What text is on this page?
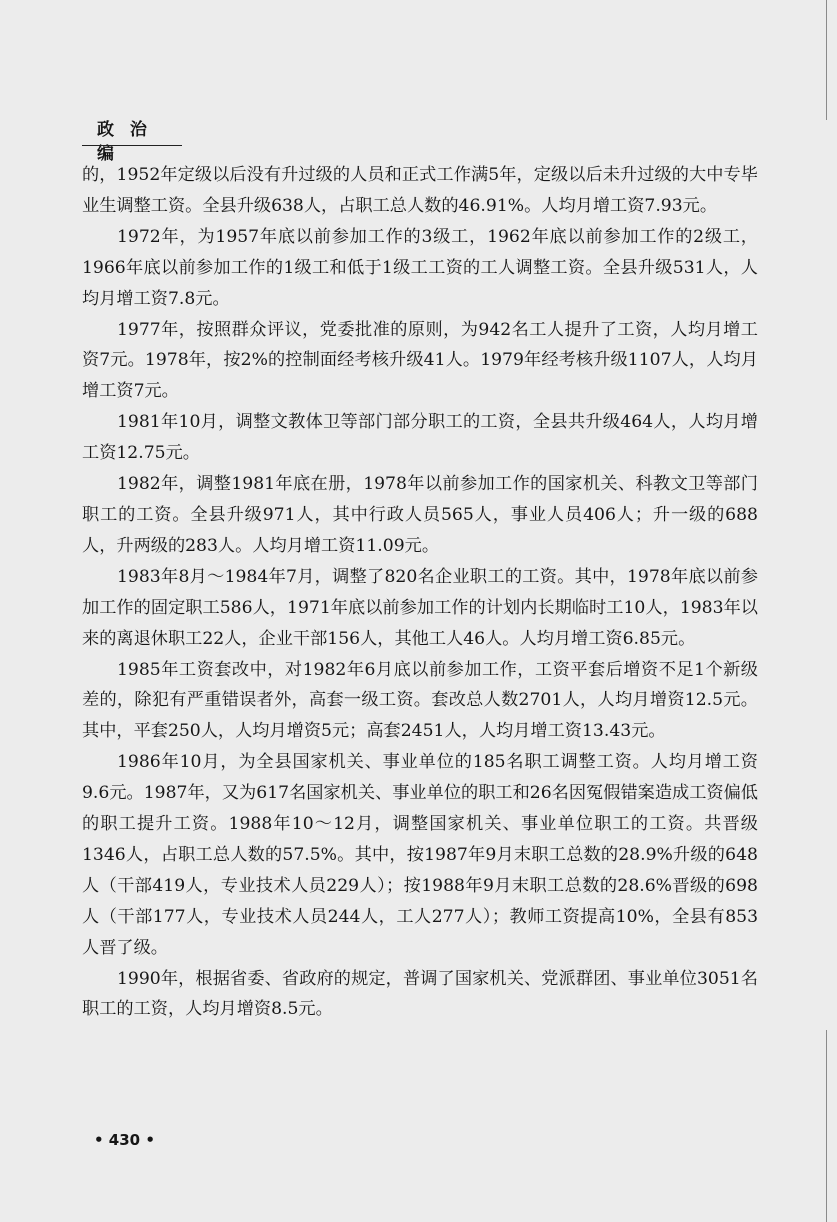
政 治 编

的，1952年定级以后没有升过级的人员和正式工作满5年，定级以后未升过级的大中专毕业生调整工资。全县升级638人，占职工总人数的46.91%。人均月增工资7.93元。

1972年，为1957年底以前参加工作的3级工，1962年底以前参加工作的2级工，1966年底以前参加工作的1级工和低于1级工工资的工人调整工资。全县升级531人，人均月增工资7.8元。

1977年，按照群众评议，党委批准的原则，为942名工人提升了工资，人均月增工资7元。1978年，按2%的控制面经考核升级41人。1979年经考核升级1107人，人均月增工资7元。

1981年10月，调整文教体卫等部门部分职工的工资，全县共升级464人，人均月增工资12.75元。

1982年，调整1981年底在册，1978年以前参加工作的国家机关、科教文卫等部门职工的工资。全县升级971人，其中行政人员565人，事业人员406人；升一级的688人，升两级的283人。人均月增工资11.09元。

1983年8月～1984年7月，调整了820名企业职工的工资。其中，1978年底以前参加工作的固定职工586人，1971年底以前参加工作的计划内长期临时工10人，1983年以来的离退休职工22人，企业干部156人，其他工人46人。人均月增工资6.85元。

1985年工资套改中，对1982年6月底以前参加工作，工资平套后增资不足1个新级差的，除犯有严重错误者外，高套一级工资。套改总人数2701人，人均月增资12.5元。其中，平套250人，人均月增资5元；高套2451人，人均月增工资13.43元。

1986年10月，为全县国家机关、事业单位的185名职工调整工资。人均月增工资9.6元。1987年，又为617名国家机关、事业单位的职工和26名因冤假错案造成工资偏低的职工提升工资。1988年10～12月，调整国家机关、事业单位职工的工资。共晋级1346人，占职工总人数的57.5%。其中，按1987年9月末职工总数的28.9%升级的648人（干部419人，专业技术人员229人）；按1988年9月末职工总数的28.6%晋级的698人（干部177人，专业技术人员244人，工人277人）；教师工资提高10%，全县有853人晋了级。

1990年，根据省委、省政府的规定，普调了国家机关、党派群团、事业单位3051名职工的工资，人均月增资8.5元。

• 430 •
